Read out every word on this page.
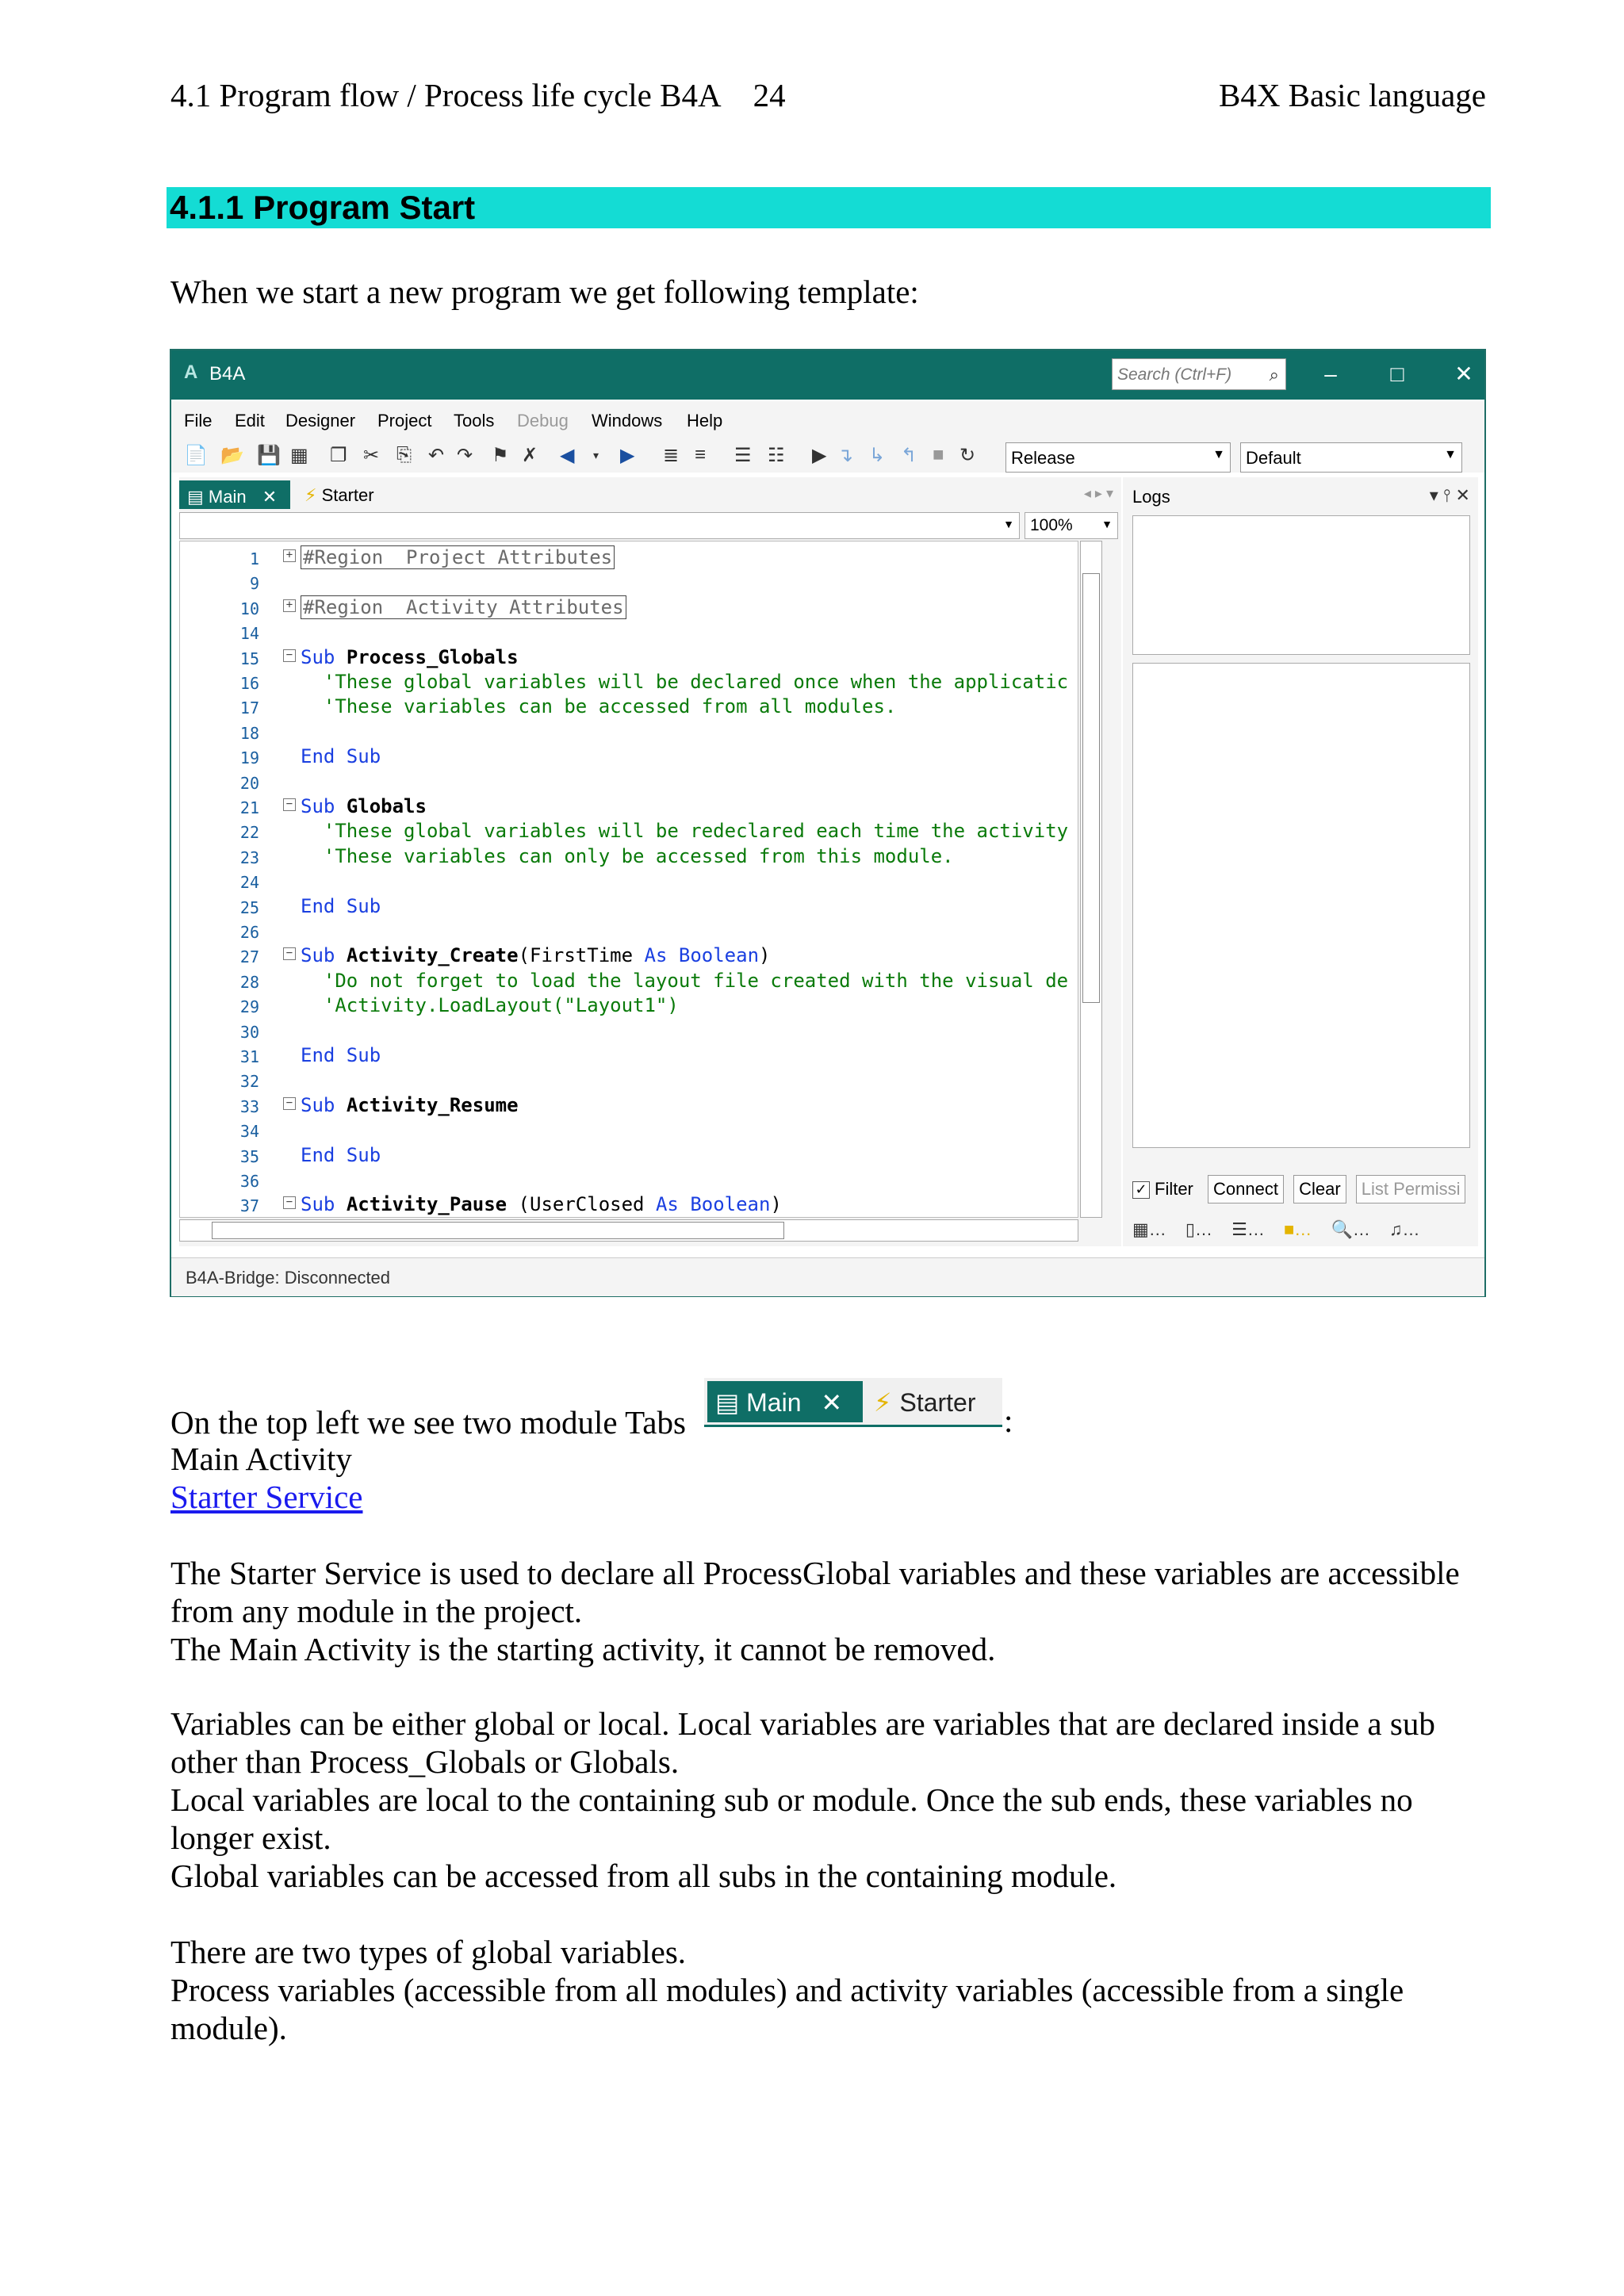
4.1 Program flow / Process life cycle B4A 24	B4X Basic language
4.1.1 Program Start
When we start a new program we get following template:
A B4A	Search (Ctrl+F) ⌕	–	□	✕
File Edit Designer Project Tools Debug Windows Help
📄 📂 💾 ▦ ❐ ✂ ⎘ ↶ ↷ ⚑ ✗ ◀ ▾ ▶ ≣ ≡ ☰ ☷ ▶ ↴ ↳ ↰ ■ ↻	Release	▼	Default	▼
▤ Main ✕	⚡ Starter	◂ ▸ ▾
▼ 100%	▼
1 + #Region  Project Attributes
9
10 + #Region  Activity Attributes
14
15 − Sub Process_Globals
16	'These global variables will be declared once when the applicatic
17	'These variables can be accessed from all modules.
18
19 End Sub
20
21 − Sub Globals
22	'These global variables will be redeclared each time the activity
23	'These variables can only be accessed from this module.
24
25 End Sub
26
27 − Sub Activity_Create(FirstTime As Boolean)
28	'Do not forget to load the layout file created with the visual de
29	'Activity.LoadLayout("Layout1")
30
31 End Sub
32
33 − Sub Activity_Resume
34
35 End Sub
36
37 − Sub Activity_Pause (UserClosed As Boolean)
Logs	▾ ⫯ ✕
✓ Filter Connect Clear List Permissi
▦… ▯… ☰… ■… 🔍… ♫…
B4A-Bridge: Disconnected
On the top left we see two module Tabs
▤ Main ✕	⚡ Starter :
Main Activity
Starter Service
The Starter Service is used to declare all ProcessGlobal variables and these variables are accessible
from any module in the project.
The Main Activity is the starting activity, it cannot be removed.
Variables can be either global or local. Local variables are variables that are declared inside a sub
other than Process_Globals or Globals.
Local variables are local to the containing sub or module. Once the sub ends, these variables no
longer exist.
Global variables can be accessed from all subs in the containing module.
There are two types of global variables.
Process variables (accessible from all modules) and activity variables (accessible from a single
module).
